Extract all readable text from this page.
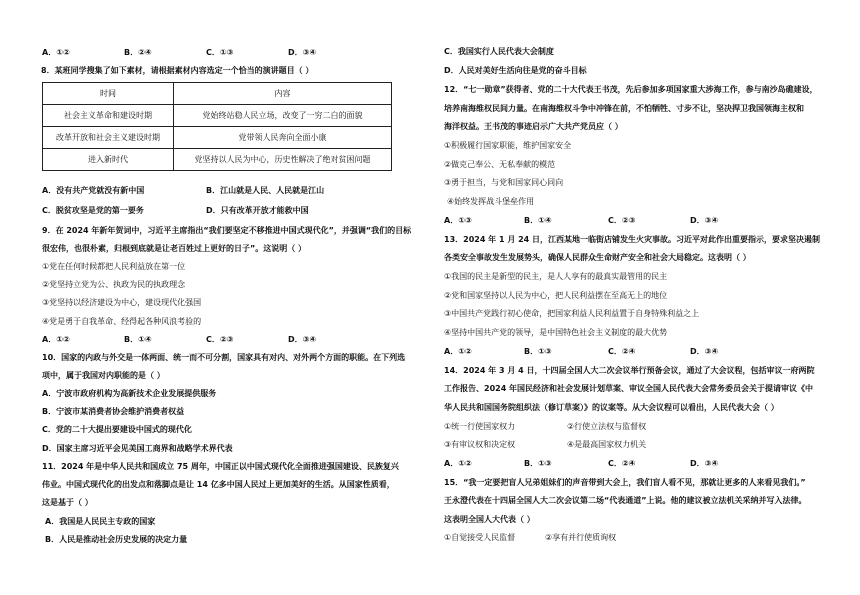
A．①②	B．②④	C．①③	D．③④
8．某班同学搜集了如下素材，请根据素材内容选定一个恰当的演讲题目（ ）
时间	内容
社会主义革命和建设时期	党始终站稳人民立场，改变了一穷二白的面貌
改革开放和社会主义建设时期	党带领人民奔向全面小康
进入新时代	党坚持以人民为中心，历史性解决了绝对贫困问题
A．没有共产党就没有新中国	B．江山就是人民、人民就是江山
C．脱贫攻坚是党的第一要务	D．只有改革开放才能救中国
9．在 2024 年新年贺词中，习近平主席指出“我们要坚定不移推进中国式现代化”，并强调“我们的目标
很宏伟，也很朴素，归根到底就是让老百姓过上更好的日子”。这说明（ ）
①党在任何时候都把人民利益放在第一位
②党坚持立党为公、执政为民的执政理念
③党坚持以经济建设为中心，建设现代化强国
④党是勇于自我革命、经得起各种风浪考验的
A．①②	B．①④	C．②③	D．③④
10．国家的内政与外交是一体两面、统一而不可分割，国家具有对内、对外两个方面的职能。在下列选
项中，属于我国对内职能的是（ ）
A．宁波市政府机构为高新技术企业发展提供服务
B．宁波市某消费者协会维护消费者权益
C．党的二十大提出要建设中国式的现代化
D．国家主席习近平会见美国工商界和战略学术界代表
11．2024 年是中华人民共和国成立 75 周年，中国正以中国式现代化全面推进强国建设、民族复兴
伟业。中国式现代化的出发点和落脚点是让 14 亿多中国人民过上更加美好的生活。从国家性质看，
这是基于（ ）
A．我国是人民民主专政的国家
B．人民是推动社会历史发展的决定力量
C．我国实行人民代表大会制度
D．人民对美好生活向往是党的奋斗目标
12．“七一勋章”获得者、党的二十大代表王书茂，先后参加多项国家重大涉海工作，参与南沙岛礁建设，
培养南海维权民间力量。在南海维权斗争中冲锋在前，不怕牺牲、寸步不让，坚决捍卫我国领海主权和
海洋权益。王书茂的事迹启示广大共产党员应（ ）
①积极履行国家职能，维护国家安全
②做克己奉公、无私奉献的模范
③勇于担当，与党和国家同心同向
④始终发挥战斗堡垒作用
A．①③	B．①④	C．②③	D．③④
13．2024 年 1 月 24 日，江西某地一临街店铺发生火灾事故。习近平对此作出重要指示，要求坚决遏制
各类安全事故发生发展势头，确保人民群众生命财产安全和社会大局稳定。这表明（ ）
①我国的民主是新型的民主，是人人享有的最真实最管用的民主
②党和国家坚持以人民为中心，把人民利益摆在至高无上的地位
③中国共产党践行初心使命，把国家利益人民利益置于自身特殊利益之上
④坚持中国共产党的领导，是中国特色社会主义制度的最大优势
A．①②	B．①③	C．②④	D．③④
14．2024 年 3 月 4 日，十四届全国人大二次会议举行预备会议，通过了大会议程，包括审议一府两院
工作报告、2024 年国民经济和社会发展计划草案、审议全国人民代表大会常务委员会关于提请审议《中
华人民共和国国务院组织法（修订草案）》的议案等。从大会议程可以看出，人民代表大会（ ）
①统一行使国家权力	②行使立法权与监督权
③有审议权和决定权	④是最高国家权力机关
A．①②	B．①③	C．②④	D．③④
15．“我一定要把盲人兄弟姐妹们的声音带到大会上，我们盲人看不见，那就让更多的人来看见我们。”
王永澄代表在十四届全国人大二次会议第二场“代表通道”上说。他的建议被立法机关采纳并写入法律。
这表明全国人大代表（ ）
①自觉接受人民监督	②享有并行使质询权
